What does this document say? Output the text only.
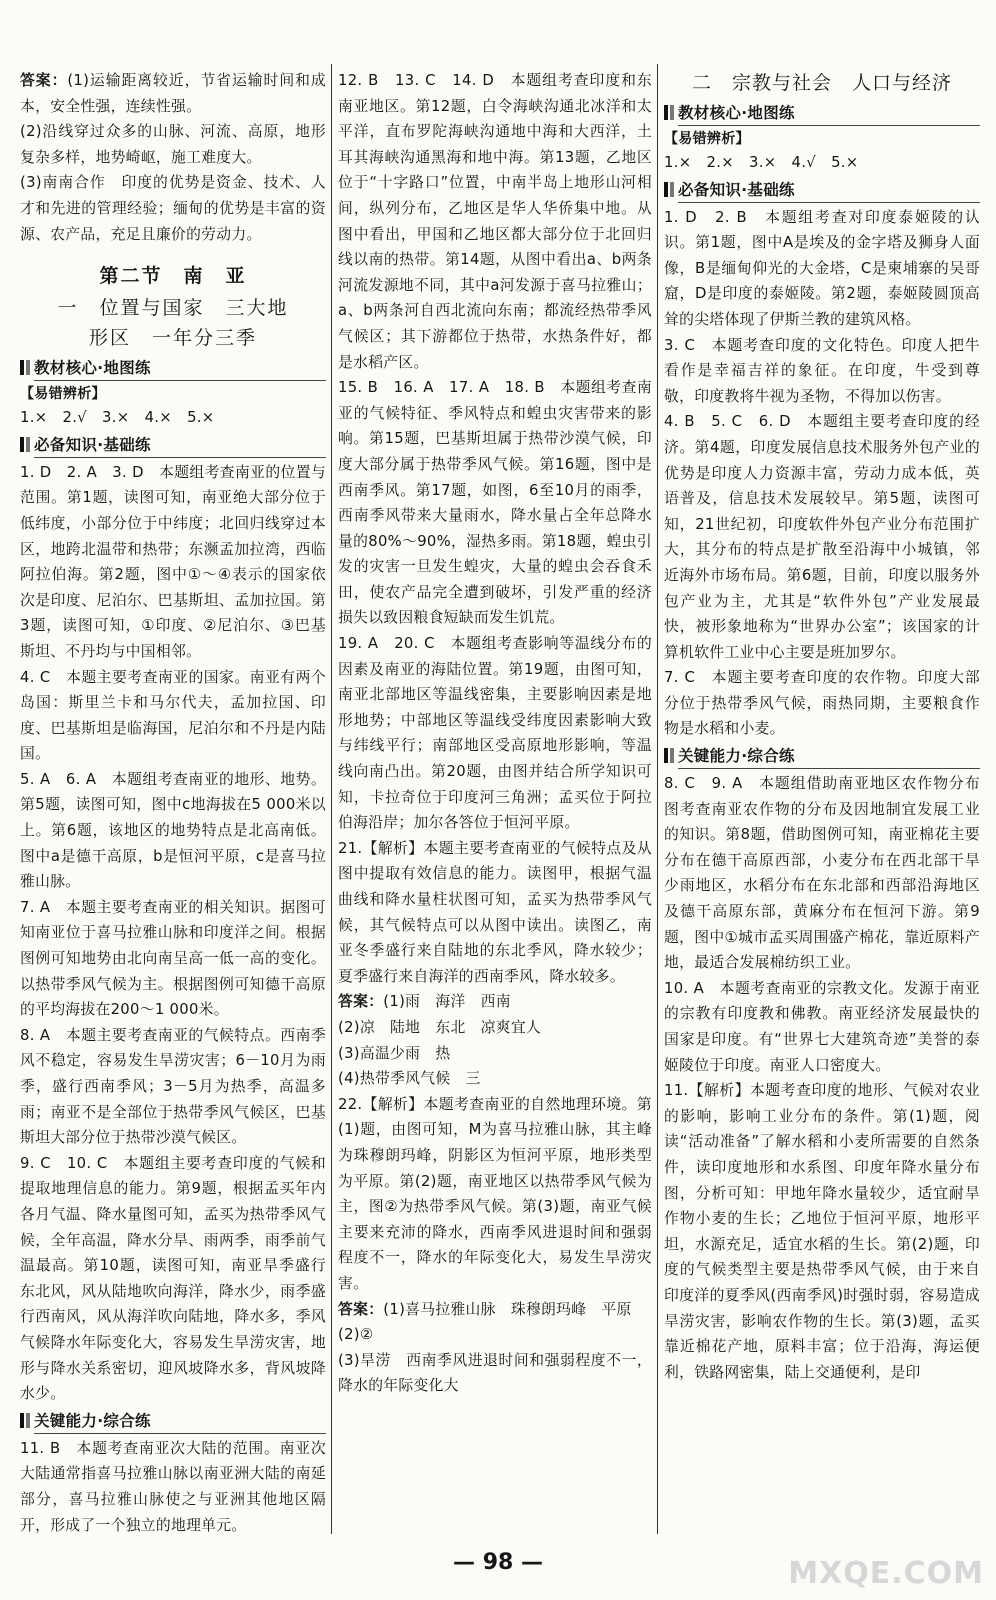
答案：(1)运输距离较近，节省运输时间和成本，安全性强，连续性强。

(2)沿线穿过众多的山脉、河流、高原，地形复杂多样，地势崎岖，施工难度大。

(3)南南合作　印度的优势是资金、技术、人才和先进的管理经验；缅甸的优势是丰富的资源、农产品，充足且廉价的劳动力。

第二节　南　亚

一　位置与国家　三大地

形区　一年分三季

教材核心·地图练

【易错辨析】

1.×　2.√　3.×　4.×　5.×

必备知识·基础练

1. D　2. A　3. D　本题组考查南亚的位置与范围。第1题，读图可知，南亚绝大部分位于低纬度，小部分位于中纬度；北回归线穿过本区，地跨北温带和热带；东濒孟加拉湾，西临阿拉伯海。第2题，图中①～④表示的国家依次是印度、尼泊尔、巴基斯坦、孟加拉国。第3题，读图可知，①印度、②尼泊尔、③巴基斯坦、不丹均与中国相邻。

4. C　本题主要考查南亚的国家。南亚有两个岛国：斯里兰卡和马尔代夫，孟加拉国、印度、巴基斯坦是临海国，尼泊尔和不丹是内陆国。

5. A　6. A　本题组考查南亚的地形、地势。第5题，读图可知，图中c地海拔在5 000米以上。第6题，该地区的地势特点是北高南低。图中a是德干高原，b是恒河平原，c是喜马拉雅山脉。

7. A　本题主要考查南亚的相关知识。据图可知南亚位于喜马拉雅山脉和印度洋之间。根据图例可知地势由北向南呈高一低一高的变化。以热带季风气候为主。根据图例可知德干高原的平均海拔在200～1 000米。

8. A　本题主要考查南亚的气候特点。西南季风不稳定，容易发生旱涝灾害；6－10月为雨季，盛行西南季风；3－5月为热季，高温多雨；南亚不是全部位于热带季风气候区，巴基斯坦大部分位于热带沙漠气候区。

9. C　10. C　本题组主要考查印度的气候和提取地理信息的能力。第9题，根据孟买年内各月气温、降水量图可知，孟买为热带季风气候，全年高温，降水分旱、雨两季，雨季前气温最高。第10题，读图可知，南亚旱季盛行东北风，风从陆地吹向海洋，降水少，雨季盛行西南风，风从海洋吹向陆地，降水多，季风气候降水年际变化大，容易发生旱涝灾害，地形与降水关系密切，迎风坡降水多，背风坡降水少。

关键能力·综合练

11. B　本题考查南亚次大陆的范围。南亚次大陆通常指喜马拉雅山脉以南亚洲大陆的南延部分，喜马拉雅山脉使之与亚洲其他地区隔开，形成了一个独立的地理单元。

12. B　13. C　14. D　本题组考查印度和东南亚地区。第12题，白令海峡沟通北冰洋和太平洋，直布罗陀海峡沟通地中海和大西洋，土耳其海峡沟通黑海和地中海。第13题，乙地区位于“十字路口”位置，中南半岛上地形山河相间，纵列分布，乙地区是华人华侨集中地。从图中看出，甲国和乙地区都大部分位于北回归线以南的热带。第14题，从图中看出a、b两条河流发源地不同，其中a河发源于喜马拉雅山；a、b两条河自西北流向东南；都流经热带季风气候区；其下游都位于热带，水热条件好，都是水稻产区。

15. B　16. A　17. A　18. B　本题组考查南亚的气候特征、季风特点和蝗虫灾害带来的影响。第15题，巴基斯坦属于热带沙漠气候，印度大部分属于热带季风气候。第16题，图中是西南季风。第17题，如图，6至10月的雨季，西南季风带来大量雨水，降水量占全年总降水量的80%～90%，湿热多雨。第18题，蝗虫引发的灾害一旦发生蝗灾，大量的蝗虫会吞食禾田，使农产品完全遭到破坏，引发严重的经济损失以致因粮食短缺而发生饥荒。

19. A　20. C　本题组考查影响等温线分布的因素及南亚的海陆位置。第19题，由图可知，南亚北部地区等温线密集，主要影响因素是地形地势；中部地区等温线受纬度因素影响大致与纬线平行；南部地区受高原地形影响，等温线向南凸出。第20题，由图并结合所学知识可知，卡拉奇位于印度河三角洲；孟买位于阿拉伯海沿岸；加尔各答位于恒河平原。

21.【解析】本题主要考查南亚的气候特点及从图中提取有效信息的能力。读图甲，根据气温曲线和降水量柱状图可知，孟买为热带季风气候，其气候特点可以从图中读出。读图乙，南亚冬季盛行来自陆地的东北季风，降水较少；夏季盛行来自海洋的西南季风，降水较多。

答案：(1)雨　海洋　西南

(2)凉　陆地　东北　凉爽宜人

(3)高温少雨　热

(4)热带季风气候　三

22.【解析】本题考查南亚的自然地理环境。第(1)题，由图可知，M为喜马拉雅山脉，其主峰为珠穆朗玛峰，阴影区为恒河平原，地形类型为平原。第(2)题，南亚地区以热带季风气候为主，图②为热带季风气候。第(3)题，南亚气候主要来充沛的降水，西南季风进退时间和强弱程度不一，降水的年际变化大，易发生旱涝灾害。

答案：(1)喜马拉雅山脉　珠穆朗玛峰　平原

(2)②

(3)旱涝　西南季风进退时间和强弱程度不一，降水的年际变化大

二　宗教与社会　人口与经济

教材核心·地图练

【易错辨析】

1.×　2.×　3.×　4.√　5.×

必备知识·基础练

1. D　2. B　本题组考查对印度泰姬陵的认识。第1题，图中A是埃及的金字塔及狮身人面像，B是缅甸仰光的大金塔，C是柬埔寨的吴哥窟，D是印度的泰姬陵。第2题，泰姬陵圆顶高耸的尖塔体现了伊斯兰教的建筑风格。

3. C　本题考查印度的文化特色。印度人把牛看作是幸福吉祥的象征。在印度，牛受到尊敬，印度教将牛视为圣物，不得加以伤害。

4. B　5. C　6. D　本题组主要考查印度的经济。第4题，印度发展信息技术服务外包产业的优势是印度人力资源丰富，劳动力成本低，英语普及，信息技术发展较早。第5题，读图可知，21世纪初，印度软件外包产业分布范围扩大，其分布的特点是扩散至沿海中小城镇，邻近海外市场布局。第6题，目前，印度以服务外包产业为主，尤其是“软件外包”产业发展最快，被形象地称为“世界办公室”；该国家的计算机软件工业中心主要是班加罗尔。

7. C　本题主要考查印度的农作物。印度大部分位于热带季风气候，雨热同期，主要粮食作物是水稻和小麦。

关键能力·综合练

8. C　9. A　本题组借助南亚地区农作物分布图考查南亚农作物的分布及因地制宜发展工业的知识。第8题，借助图例可知，南亚棉花主要分布在德干高原西部，小麦分布在西北部干旱少雨地区，水稻分布在东北部和西部沿海地区及德干高原东部，黄麻分布在恒河下游。第9题，图中①城市孟买周围盛产棉花，靠近原料产地，最适合发展棉纺织工业。

10. A　本题考查南亚的宗教文化。发源于南亚的宗教有印度教和佛教。南亚经济发展最快的国家是印度。有“世界七大建筑奇迹”美誉的泰姬陵位于印度。南亚人口密度大。

11.【解析】本题考查印度的地形、气候对农业的影响，影响工业分布的条件。第(1)题，阅读“活动准备”了解水稻和小麦所需要的自然条件，读印度地形和水系图、印度年降水量分布图，分析可知：甲地年降水量较少，适宜耐旱作物小麦的生长；乙地位于恒河平原，地形平坦，水源充足，适宜水稻的生长。第(2)题，印度的气候类型主要是热带季风气候，由于来自印度洋的夏季风(西南季风)时强时弱，容易造成旱涝灾害，影响农作物的生长。第(3)题，孟买靠近棉花产地，原料丰富；位于沿海，海运便利，铁路网密集，陆上交通便利，是印

— 98 —	MXQE.COM
